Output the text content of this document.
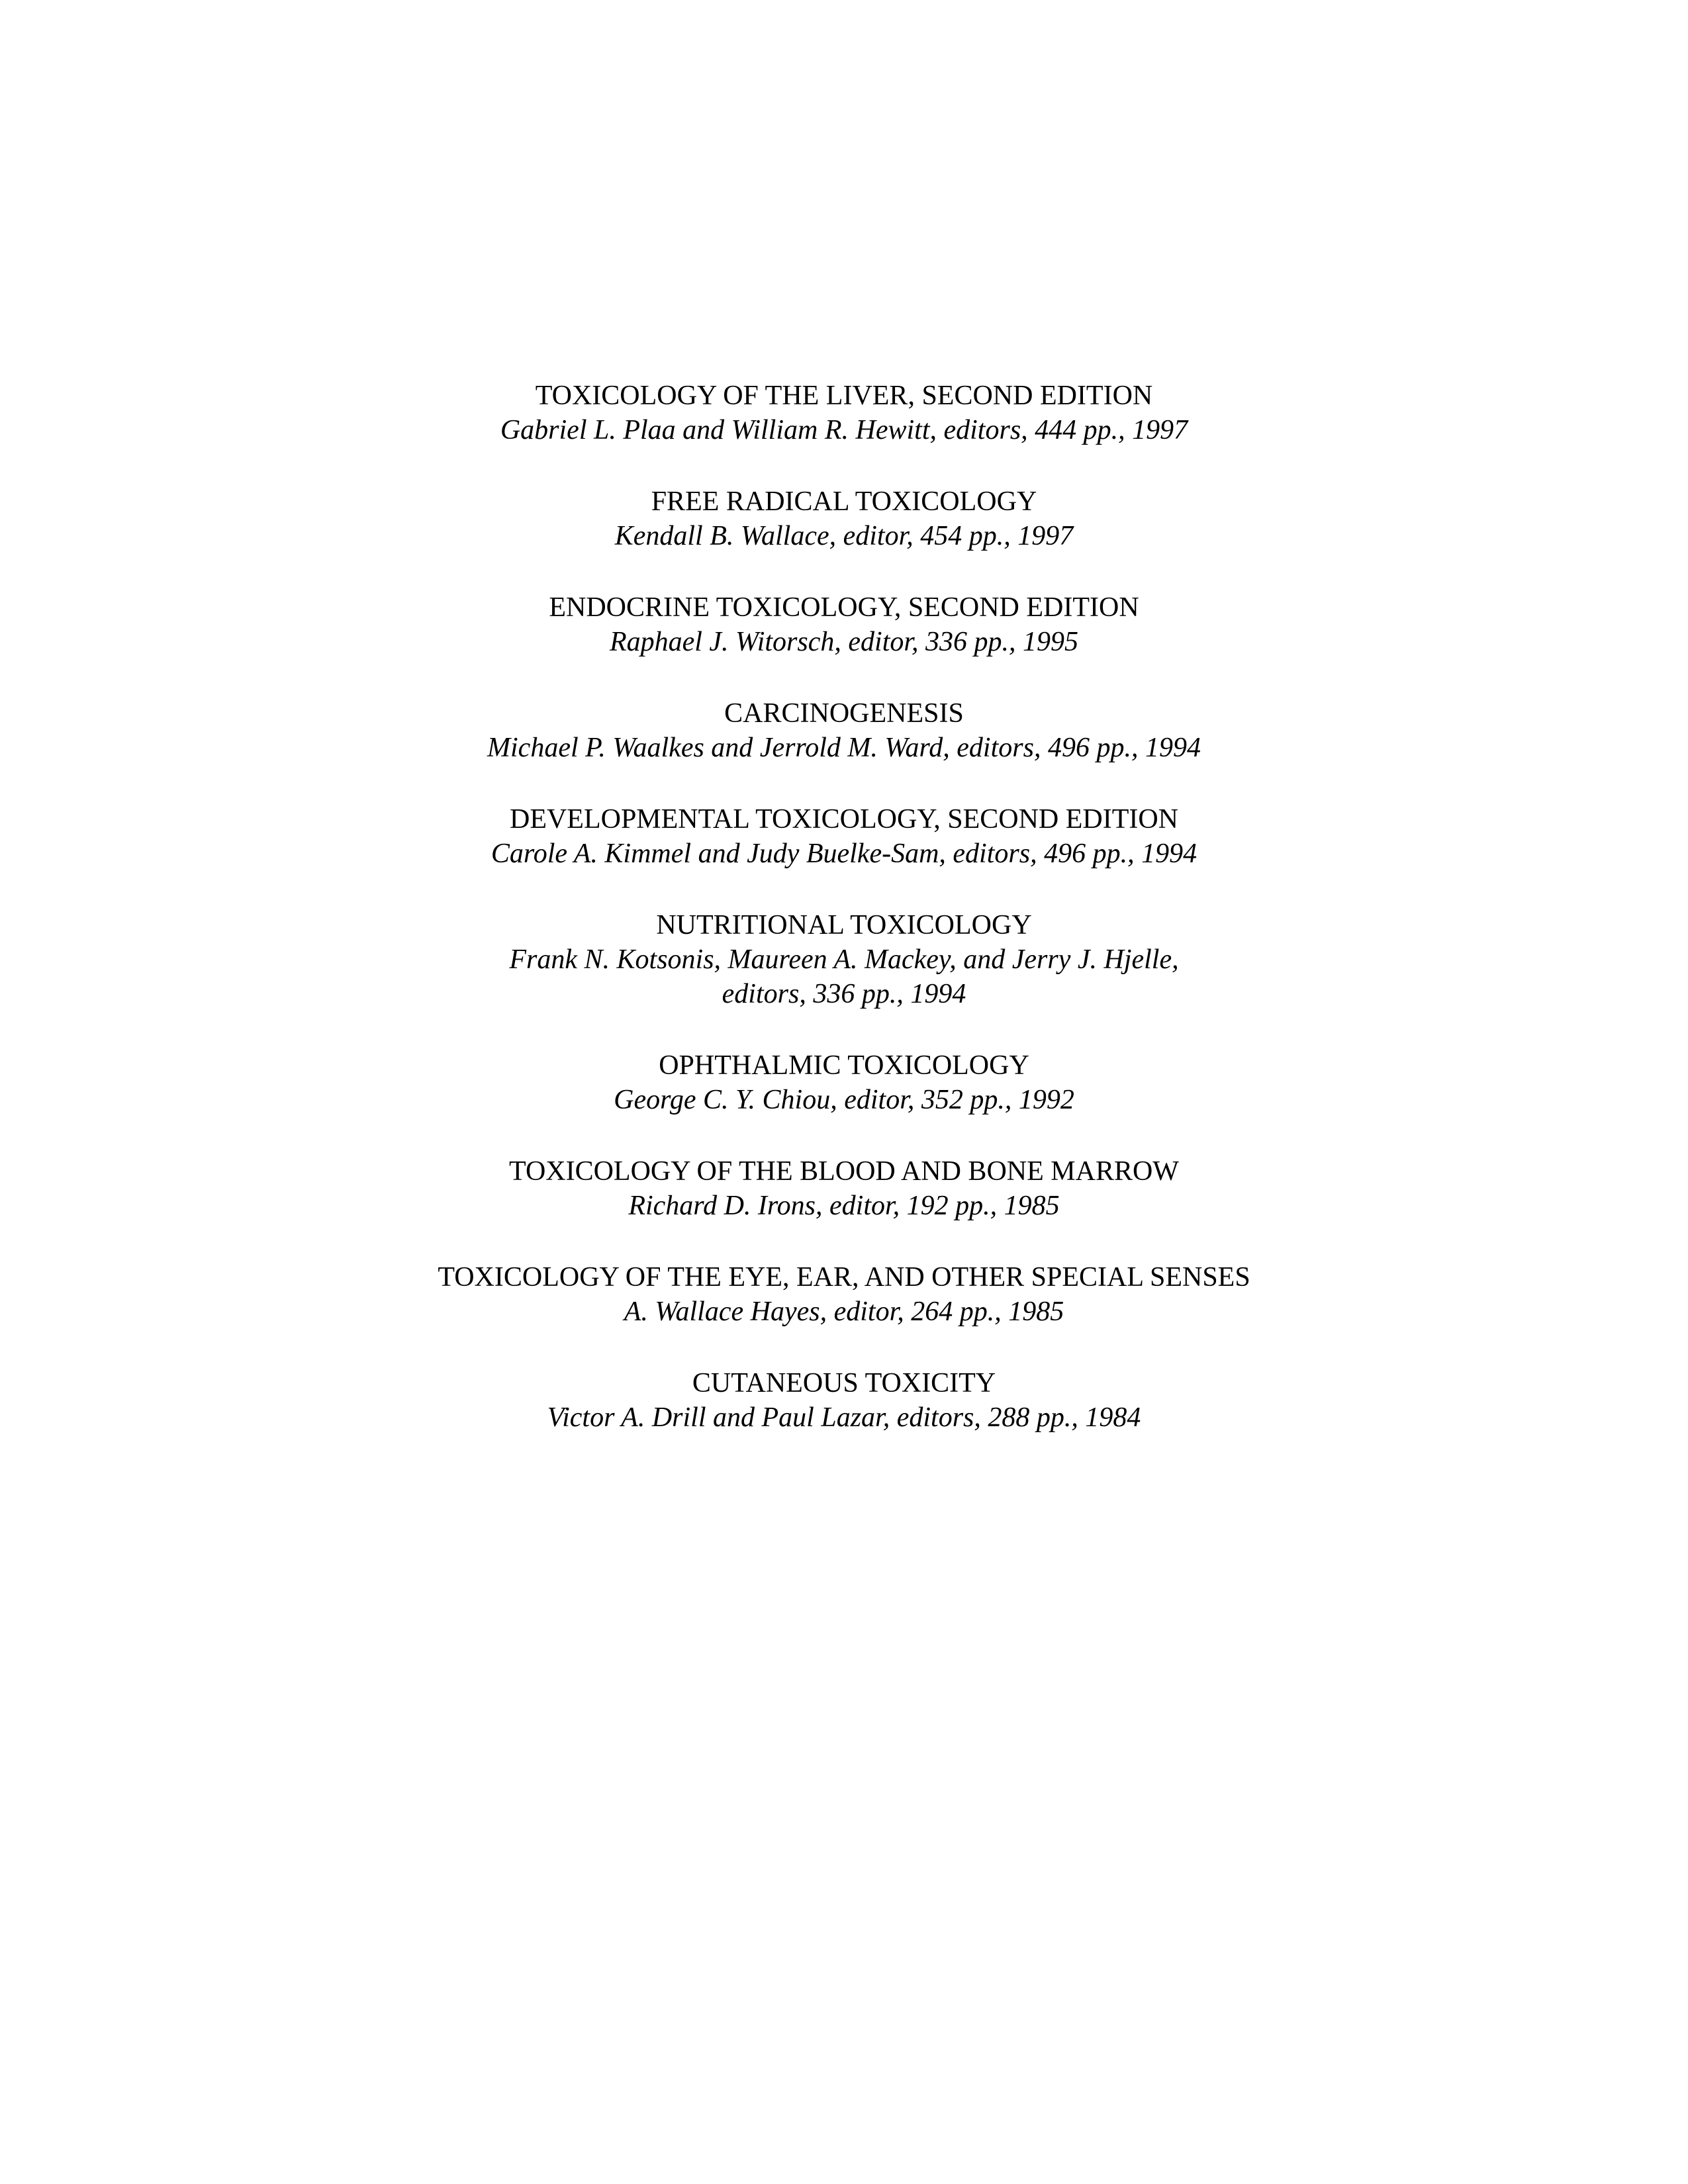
TOXICOLOGY OF THE LIVER, SECOND EDITION
Gabriel L. Plaa and William R. Hewitt, editors, 444 pp., 1997
FREE RADICAL TOXICOLOGY
Kendall B. Wallace, editor, 454 pp., 1997
ENDOCRINE TOXICOLOGY, SECOND EDITION
Raphael J. Witorsch, editor, 336 pp., 1995
CARCINOGENESIS
Michael P. Waalkes and Jerrold M. Ward, editors, 496 pp., 1994
DEVELOPMENTAL TOXICOLOGY, SECOND EDITION
Carole A. Kimmel and Judy Buelke-Sam, editors, 496 pp., 1994
NUTRITIONAL TOXICOLOGY
Frank N. Kotsonis, Maureen A. Mackey, and Jerry J. Hjelle,
editors, 336 pp., 1994
OPHTHALMIC TOXICOLOGY
George C. Y. Chiou, editor, 352 pp., 1992
TOXICOLOGY OF THE BLOOD AND BONE MARROW
Richard D. Irons, editor, 192 pp., 1985
TOXICOLOGY OF THE EYE, EAR, AND OTHER SPECIAL SENSES
A. Wallace Hayes, editor, 264 pp., 1985
CUTANEOUS TOXICITY
Victor A. Drill and Paul Lazar, editors, 288 pp., 1984
